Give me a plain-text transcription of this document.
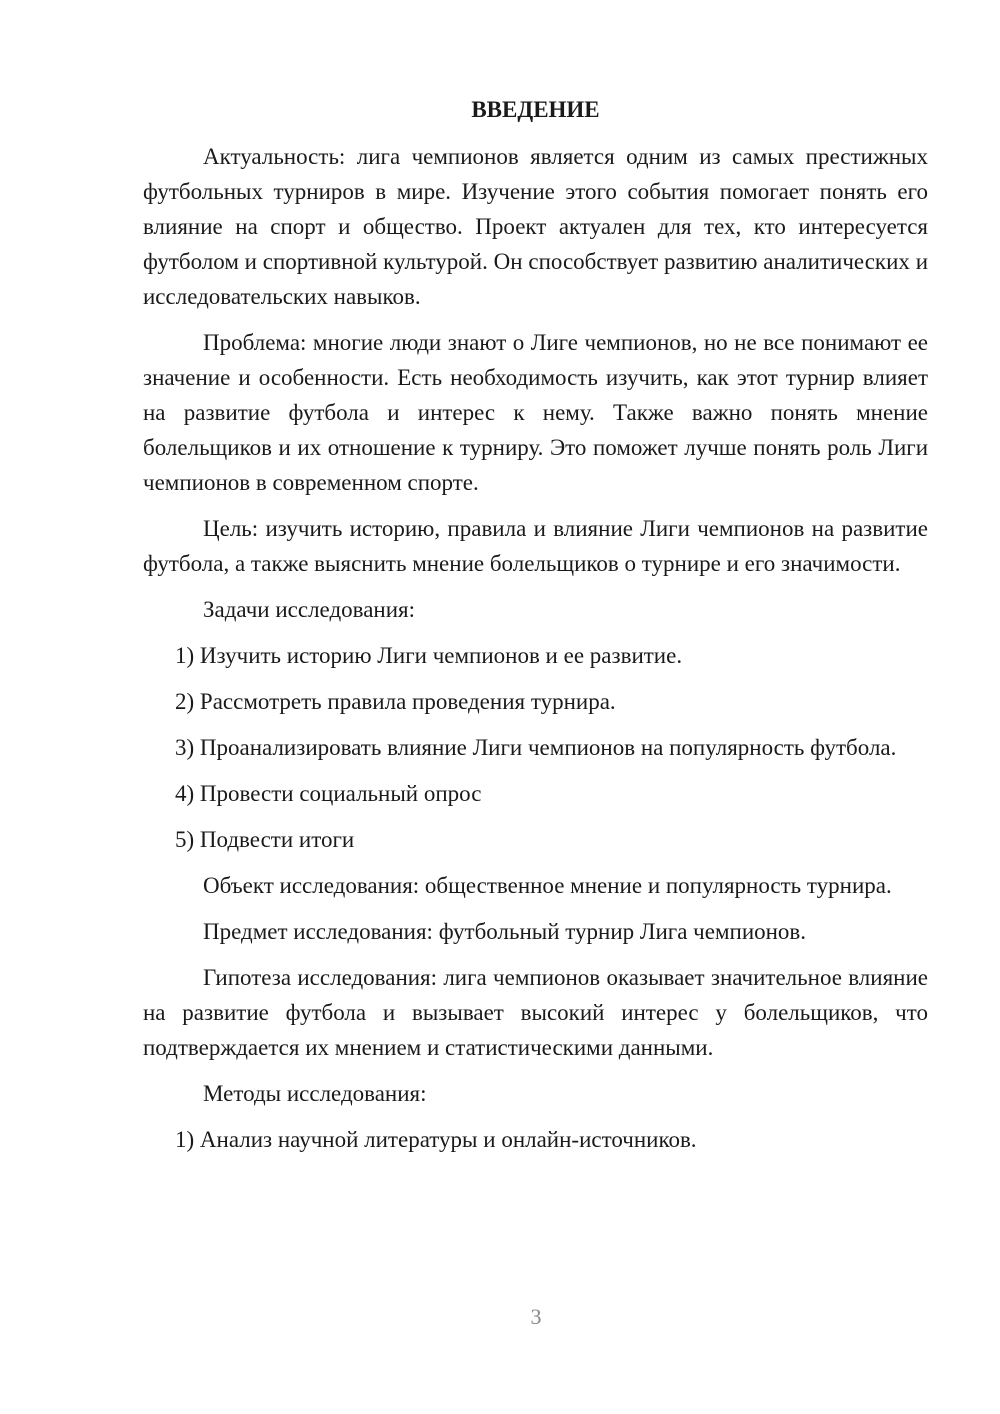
ВВЕДЕНИЕ

Актуальность: лига чемпионов является одним из самых престижных футбольных турниров в мире. Изучение этого события помогает понять его влияние на спорт и общество. Проект актуален для тех, кто интересуется футболом и спортивной культурой. Он способствует развитию аналитических и исследовательских навыков.

Проблема: многие люди знают о Лиге чемпионов, но не все понимают ее значение и особенности. Есть необходимость изучить, как этот турнир влияет на развитие футбола и интерес к нему. Также важно понять мнение болельщиков и их отношение к турниру. Это поможет лучше понять роль Лиги чемпионов в современном спорте.

Цель: изучить историю, правила и влияние Лиги чемпионов на развитие футбола, а также выяснить мнение болельщиков о турнире и его значимости.

Задачи исследования:

1) Изучить историю Лиги чемпионов и ее развитие.

2) Рассмотреть правила проведения турнира.

3) Проанализировать влияние Лиги чемпионов на популярность футбола.

4) Провести социальный опрос

5) Подвести итоги

Объект исследования: общественное мнение и популярность турнира.

Предмет исследования: футбольный турнир Лига чемпионов.

Гипотеза исследования: лига чемпионов оказывает значительное влияние на развитие футбола и вызывает высокий интерес у болельщиков, что подтверждается их мнением и статистическими данными.

Методы исследования:

1) Анализ научной литературы и онлайн-источников.

3
